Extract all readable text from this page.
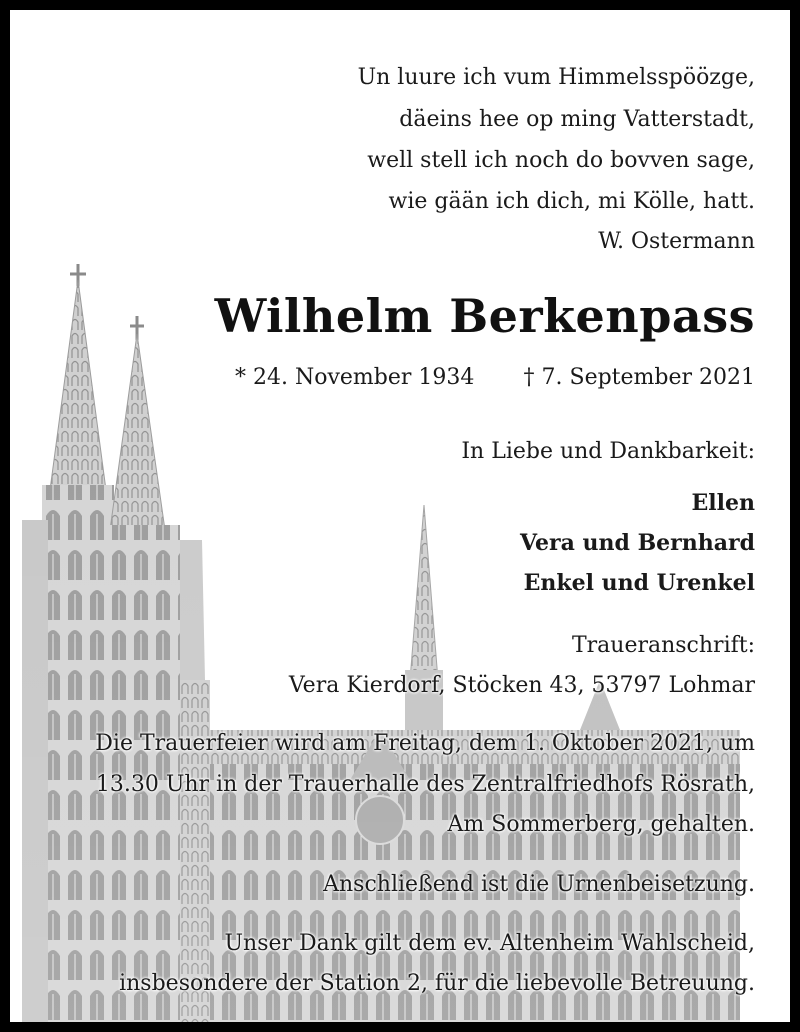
Un luure ich vum Himmelsspöözge,
däeins hee op ming Vatterstadt,
well stell ich noch do bovven sage,
wie gään ich dich, mi Kölle, hatt.
W. Ostermann
Wilhelm Berkenpass
* 24. November 1934 † 7. September 2021
In Liebe und Dankbarkeit:
Ellen
Vera und Bernhard
Enkel und Urenkel
Traueranschrift:
Vera Kierdorf, Stöcken 43, 53797 Lohmar
Die Trauerfeier wird am Freitag, dem 1. Oktober 2021, um
13.30 Uhr in der Trauerhalle des Zentralfriedhofs Rösrath,
Am Sommerberg, gehalten.
Anschließend ist die Urnenbeisetzung.
Unser Dank gilt dem ev. Altenheim Wahlscheid,
insbesondere der Station 2, für die liebevolle Betreuung.
